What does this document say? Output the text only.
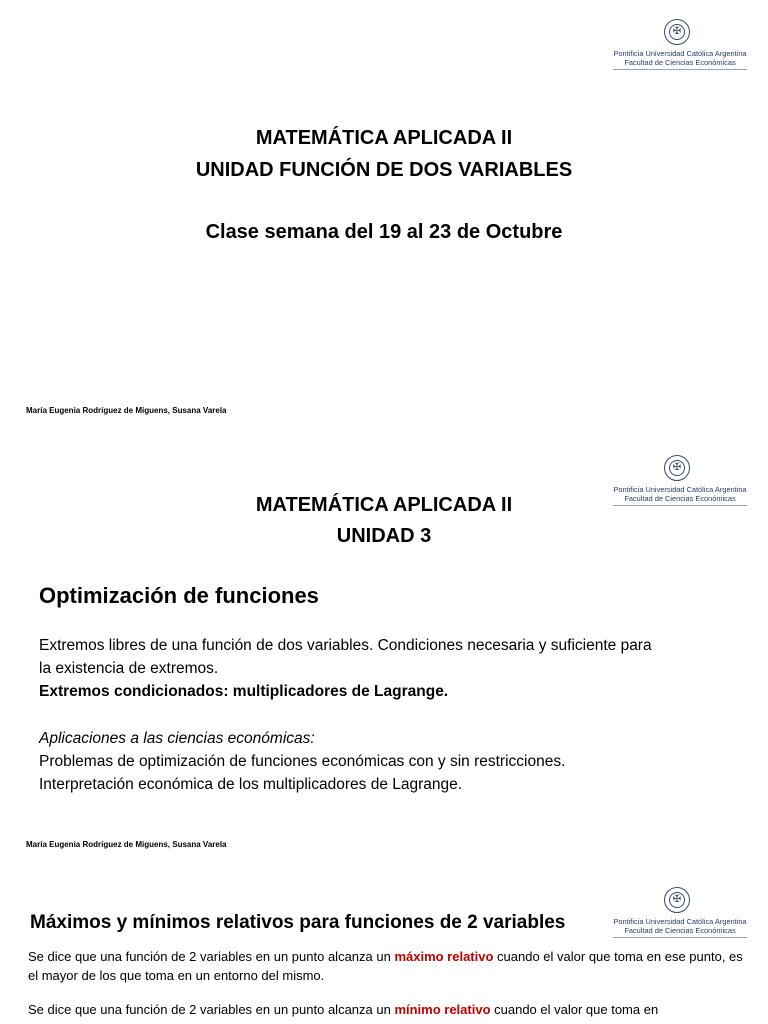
✠
Pontificia Universidad Católica Argentina
Facultad de Ciencias Económicas
MATEMÁTICA APLICADA II
UNIDAD FUNCIÓN DE DOS VARIABLES
Clase semana del 19 al 23 de Octubre
María Eugenia Rodríguez de Miguens, Susana Varela
✠
Pontificia Universidad Católica Argentina
Facultad de Ciencias Económicas
MATEMÁTICA APLICADA II
UNIDAD 3
Optimización de funciones
Extremos libres de una función de dos variables. Condiciones necesaria y suficiente para
la existencia de extremos.
Extremos condicionados: multiplicadores de Lagrange.
Aplicaciones a las ciencias económicas:
Problemas de optimización de funciones económicas con y sin restricciones.
Interpretación económica de los multiplicadores de Lagrange.
María Eugenia Rodríguez de Miguens, Susana Varela
✠
Pontificia Universidad Católica Argentina
Facultad de Ciencias Económicas
Máximos y mínimos relativos para funciones de 2 variables
Se dice que una función de 2 variables en un punto alcanza un máximo relativo cuando el valor que toma en ese punto, es el mayor de los que toma en un entorno del mismo.
Se dice que una función de 2 variables en un punto alcanza un mínimo relativo cuando el valor que toma en
